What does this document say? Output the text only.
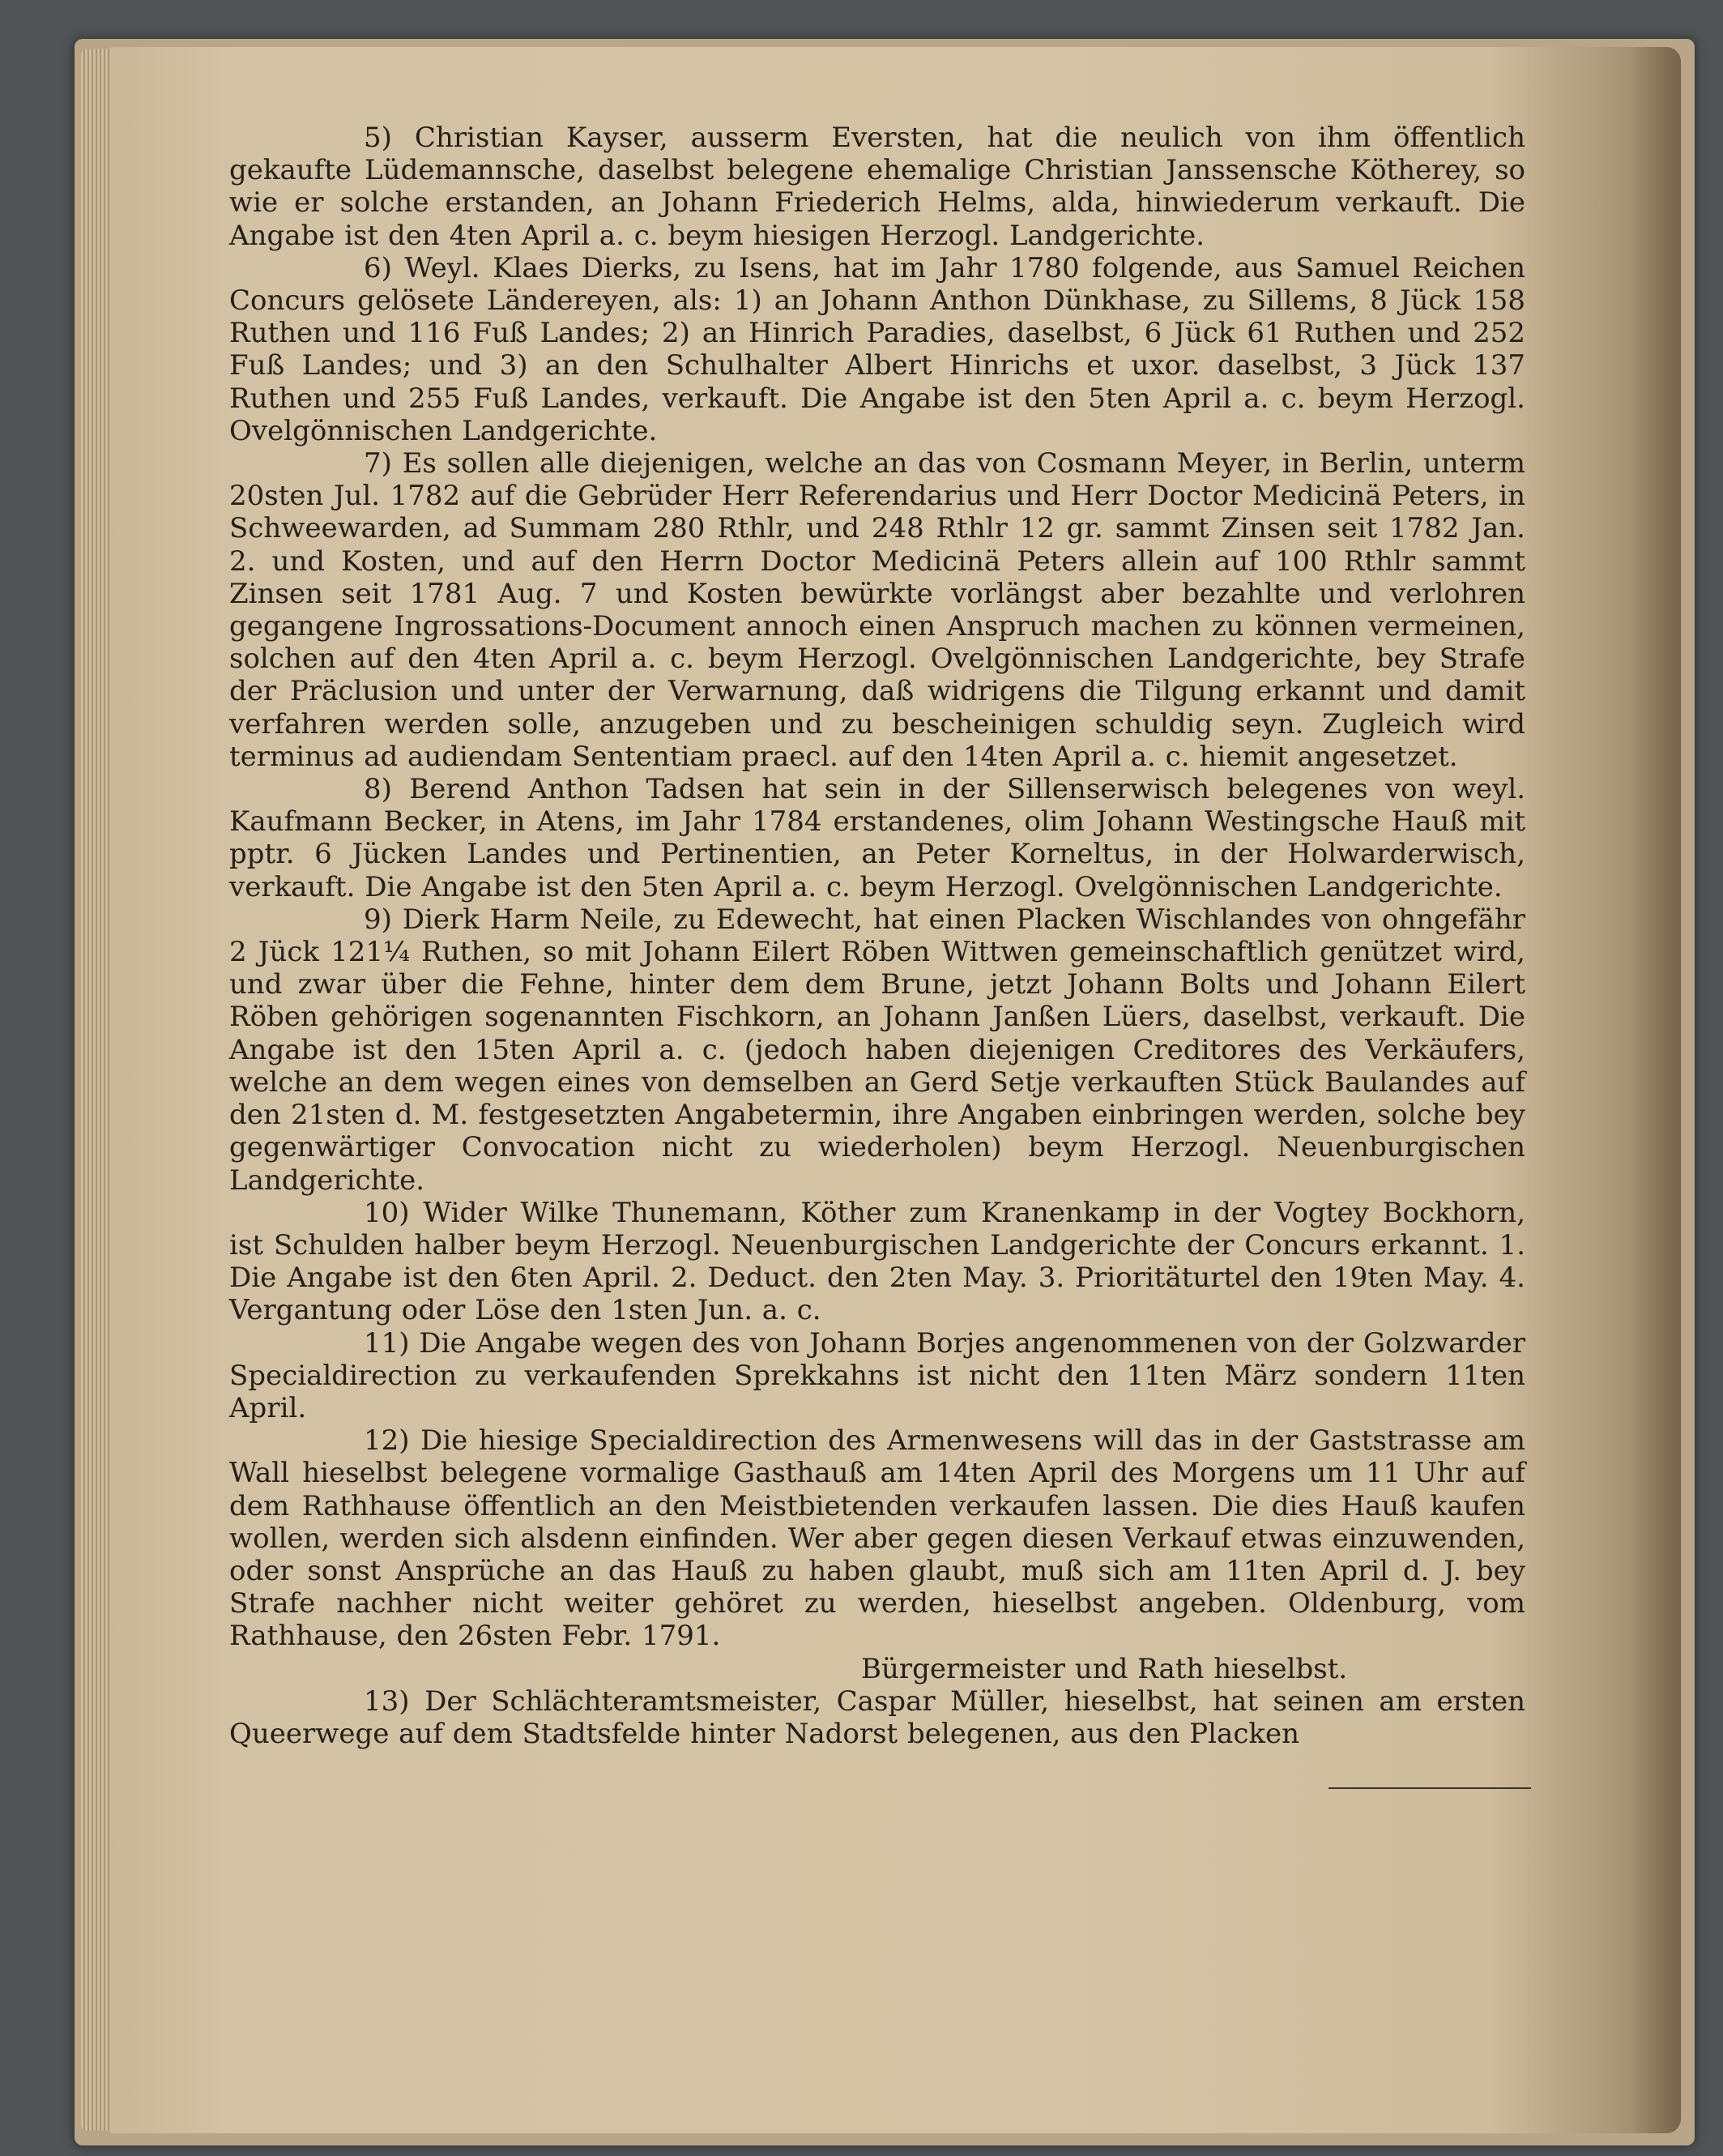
5) Christian Kayser, ausserm Eversten, hat die neulich von ihm öffentlich gekaufte Lüdemannsche, daselbst belegene ehemalige Christian Janssensche Kötherey, so wie er solche erstanden, an Johann Friederich Helms, alda, hinwiederum verkauft. Die Angabe ist den 4ten April a. c. beym hiesigen Herzogl. Landgerichte.

6) Weyl. Klaes Dierks, zu Isens, hat im Jahr 1780 folgende, aus Samuel Reichen Concurs gelösete Ländereyen, als: 1) an Johann Anthon Dünkhase, zu Sillems, 8 Jück 158 Ruthen und 116 Fuß Landes; 2) an Hinrich Paradies, daselbst, 6 Jück 61 Ruthen und 252 Fuß Landes; und 3) an den Schulhalter Albert Hinrichs et uxor. daselbst, 3 Jück 137 Ruthen und 255 Fuß Landes, verkauft. Die Angabe ist den 5ten April a. c. beym Herzogl. Ovelgönnischen Landgerichte.

7) Es sollen alle diejenigen, welche an das von Cosmann Meyer, in Berlin, unterm 20sten Jul. 1782 auf die Gebrüder Herr Referendarius und Herr Doctor Medicinä Peters, in Schweewarden, ad Summam 280 Rthlr, und 248 Rthlr 12 gr. sammt Zinsen seit 1782 Jan. 2. und Kosten, und auf den Herrn Doctor Medicinä Peters allein auf 100 Rthlr sammt Zinsen seit 1781 Aug. 7 und Kosten bewürkte vorlängst aber bezahlte und verlohren gegangene Ingrossations-Document annoch einen Anspruch machen zu können vermeinen, solchen auf den 4ten April a. c. beym Herzogl. Ovelgönnischen Landgerichte, bey Strafe der Präclusion und unter der Verwarnung, daß widrigens die Tilgung erkannt und damit verfahren werden solle, anzugeben und zu bescheinigen schuldig seyn. Zugleich wird terminus ad audiendam Sententiam praecl. auf den 14ten April a. c. hiemit angesetzet.

8) Berend Anthon Tadsen hat sein in der Sillenserwisch belegenes von weyl. Kaufmann Becker, in Atens, im Jahr 1784 erstandenes, olim Johann Westingsche Hauß mit pptr. 6 Jücken Landes und Pertinentien, an Peter Korneltus, in der Holwarderwisch, verkauft. Die Angabe ist den 5ten April a. c. beym Herzogl. Ovelgönnischen Landgerichte.

9) Dierk Harm Neile, zu Edewecht, hat einen Placken Wischlandes von ohngefähr 2 Jück 121¼ Ruthen, so mit Johann Eilert Röben Wittwen gemeinschaftlich genützet wird, und zwar über die Fehne, hinter dem dem Brune, jetzt Johann Bolts und Johann Eilert Röben gehörigen sogenannten Fischkorn, an Johann Janßen Lüers, daselbst, verkauft. Die Angabe ist den 15ten April a. c. (jedoch haben diejenigen Creditores des Verkäufers, welche an dem wegen eines von demselben an Gerd Setje verkauften Stück Baulandes auf den 21sten d. M. festgesetzten Angabetermin, ihre Angaben einbringen werden, solche bey gegenwärtiger Convocation nicht zu wiederholen) beym Herzogl. Neuenburgischen Landgerichte.

10) Wider Wilke Thunemann, Köther zum Kranenkamp in der Vogtey Bockhorn, ist Schulden halber beym Herzogl. Neuenburgischen Landgerichte der Concurs erkannt. 1. Die Angabe ist den 6ten April. 2. Deduct. den 2ten May. 3. Prioritäturtel den 19ten May. 4. Vergantung oder Löse den 1sten Jun. a. c.

11) Die Angabe wegen des von Johann Borjes angenommenen von der Golzwarder Specialdirection zu verkaufenden Sprekkahns ist nicht den 11ten März sondern 11ten April.

12) Die hiesige Specialdirection des Armenwesens will das in der Gaststrasse am Wall hieselbst belegene vormalige Gasthauß am 14ten April des Morgens um 11 Uhr auf dem Rathhause öffentlich an den Meistbietenden verkaufen lassen. Die dies Hauß kaufen wollen, werden sich alsdenn einfinden. Wer aber gegen diesen Verkauf etwas einzuwenden, oder sonst Ansprüche an das Hauß zu haben glaubt, muß sich am 11ten April d. J. bey Strafe nachher nicht weiter gehöret zu werden, hieselbst angeben. Oldenburg, vom Rathhause, den 26sten Febr. 1791.

Bürgermeister und Rath hieselbst.

13) Der Schlächteramtsmeister, Caspar Müller, hieselbst, hat seinen am ersten Queerwege auf dem Stadtsfelde hinter Nadorst belegenen, aus den Placken
